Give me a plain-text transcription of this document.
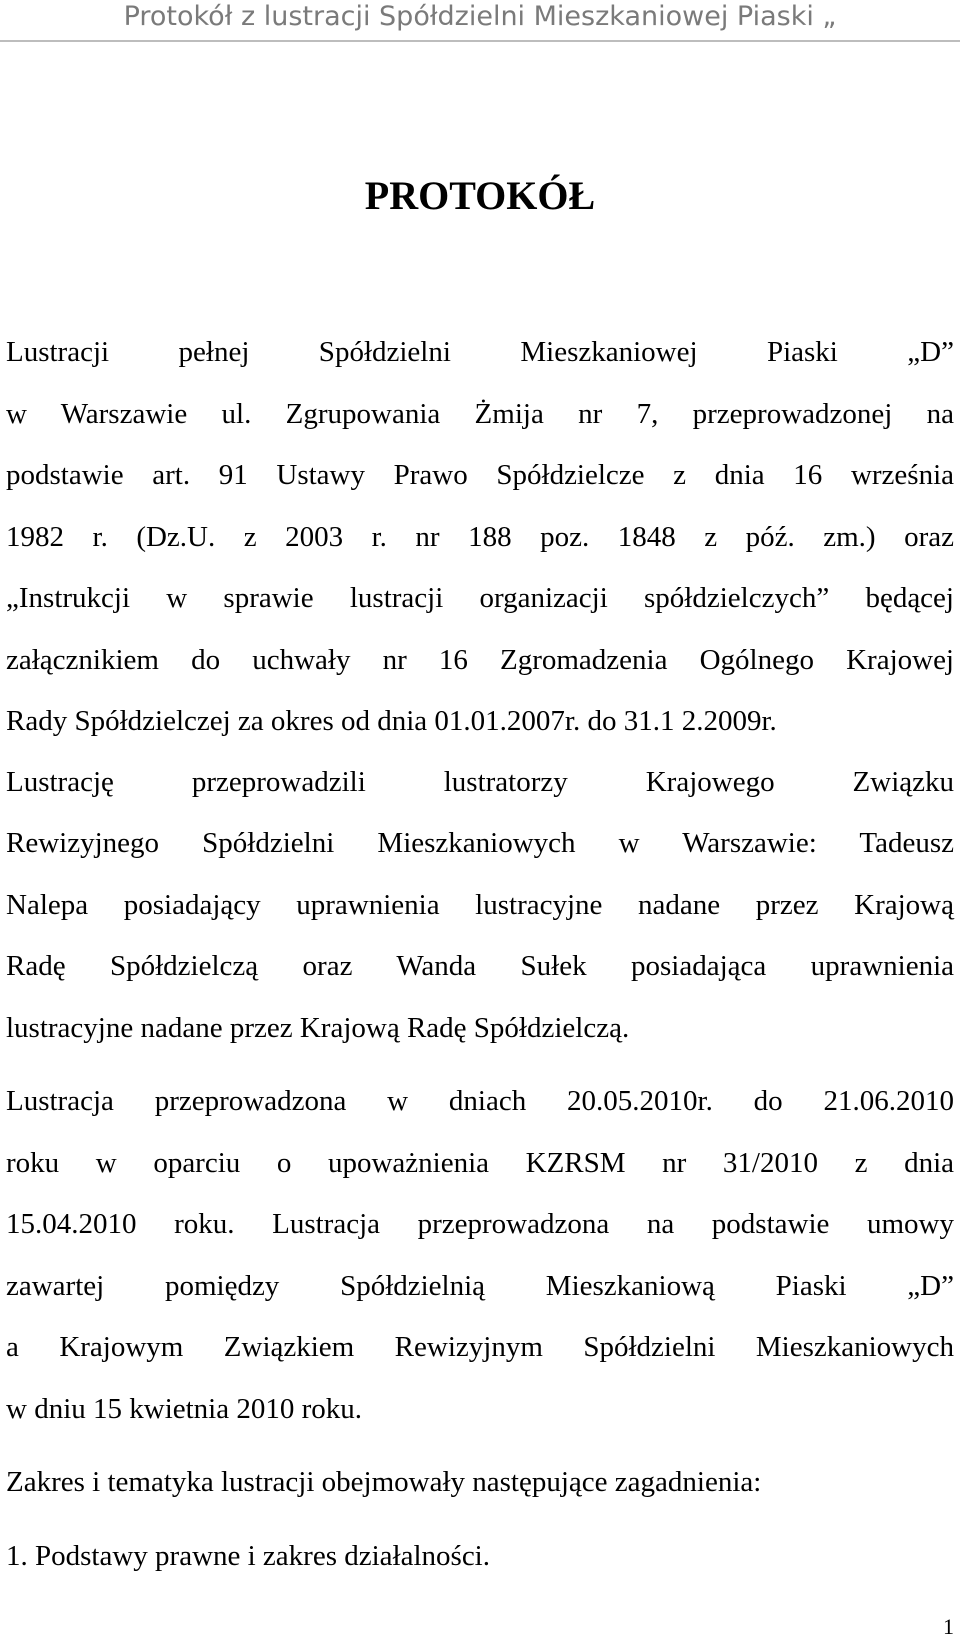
Protokół z lustracji Spółdzielni Mieszkaniowej Piaski „
PROTOKÓŁ
Lustracji pełnej Spółdzielni Mieszkaniowej Piaski „D”
w Warszawie ul. Zgrupowania Żmija nr 7, przeprowadzonej na
podstawie art. 91 Ustawy Prawo Spółdzielcze z dnia 16 września
1982 r. (Dz.U. z 2003 r. nr 188 poz. 1848 z póź. zm.) oraz
„Instrukcji w sprawie lustracji organizacji spółdzielczych” będącej
załącznikiem do uchwały nr 16 Zgromadzenia Ogólnego Krajowej
Rady Spółdzielczej za okres od dnia 01.01.2007r. do 31.1 2.2009r.
Lustrację przeprowadzili lustratorzy Krajowego Związku
Rewizyjnego Spółdzielni Mieszkaniowych w Warszawie: Tadeusz
Nalepa posiadający uprawnienia lustracyjne nadane przez Krajową
Radę Spółdzielczą oraz Wanda Sułek posiadająca uprawnienia
lustracyjne nadane przez Krajową Radę Spółdzielczą.
Lustracja przeprowadzona w dniach 20.05.2010r. do 21.06.2010
roku w oparciu o upoważnienia KZRSM nr 31/2010 z dnia
15.04.2010 roku. Lustracja przeprowadzona na podstawie umowy
zawartej pomiędzy Spółdzielnią Mieszkaniową Piaski „D”
a Krajowym Związkiem Rewizyjnym Spółdzielni Mieszkaniowych
w dniu 15 kwietnia 2010 roku.
Zakres i tematyka lustracji obejmowały następujące zagadnienia:
1. Podstawy prawne i zakres działalności.
1
